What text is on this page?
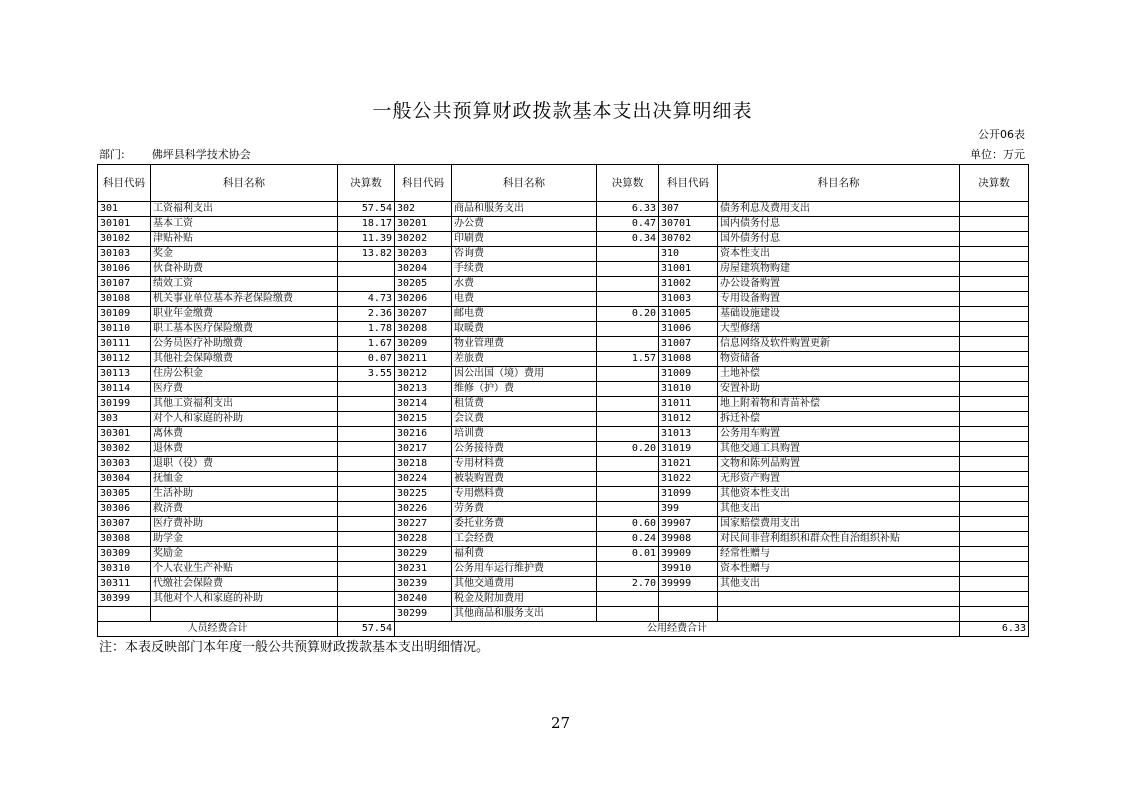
一般公共预算财政拨款基本支出决算明细表
公开06表
部门: 佛坪县科学技术协会	单位：万元
科目代码	科目名称	决算数	科目代码	科目名称	决算数	科目代码	科目名称	决算数
301	工资福利支出	57.54	302	商品和服务支出	6.33	307	债务利息及费用支出	
30101	基本工资	18.17	30201	办公费	0.47	30701	国内债务付息	
30102	津贴补贴	11.39	30202	印刷费	0.34	30702	国外债务付息	
30103	奖金	13.82	30203	咨询费		310	资本性支出	
30106	伙食补助费		30204	手续费		31001	房屋建筑物购建	
30107	绩效工资		30205	水费		31002	办公设备购置	
30108	机关事业单位基本养老保险缴费	4.73	30206	电费		31003	专用设备购置	
30109	职业年金缴费	2.36	30207	邮电费	0.20	31005	基础设施建设	
30110	职工基本医疗保险缴费	1.78	30208	取暖费		31006	大型修缮	
30111	公务员医疗补助缴费	1.67	30209	物业管理费		31007	信息网络及软件购置更新	
30112	其他社会保障缴费	0.07	30211	差旅费	1.57	31008	物资储备	
30113	住房公积金	3.55	30212	因公出国（境）费用		31009	土地补偿	
30114	医疗费		30213	维修（护）费		31010	安置补助	
30199	其他工资福利支出		30214	租赁费		31011	地上附着物和青苗补偿	
303	对个人和家庭的补助		30215	会议费		31012	拆迁补偿	
30301	离休费		30216	培训费		31013	公务用车购置	
30302	退休费		30217	公务接待费	0.20	31019	其他交通工具购置	
30303	退职（役）费		30218	专用材料费		31021	文物和陈列品购置	
30304	抚恤金		30224	被装购置费		31022	无形资产购置	
30305	生活补助		30225	专用燃料费		31099	其他资本性支出	
30306	救济费		30226	劳务费		399	其他支出	
30307	医疗费补助		30227	委托业务费	0.60	39907	国家赔偿费用支出	
30308	助学金		30228	工会经费	0.24	39908	对民间非营利组织和群众性自治组织补贴	
30309	奖励金		30229	福利费	0.01	39909	经常性赠与	
30310	个人农业生产补贴		30231	公务用车运行维护费		39910	资本性赠与	
30311	代缴社会保险费		30239	其他交通费用	2.70	39999	其他支出	
30399	其他对个人和家庭的补助		30240	税金及附加费用				
			30299	其他商品和服务支出				
人员经费合计		57.54	公用经费合计					6.33
注：本表反映部门本年度一般公共预算财政拨款基本支出明细情况。
27
